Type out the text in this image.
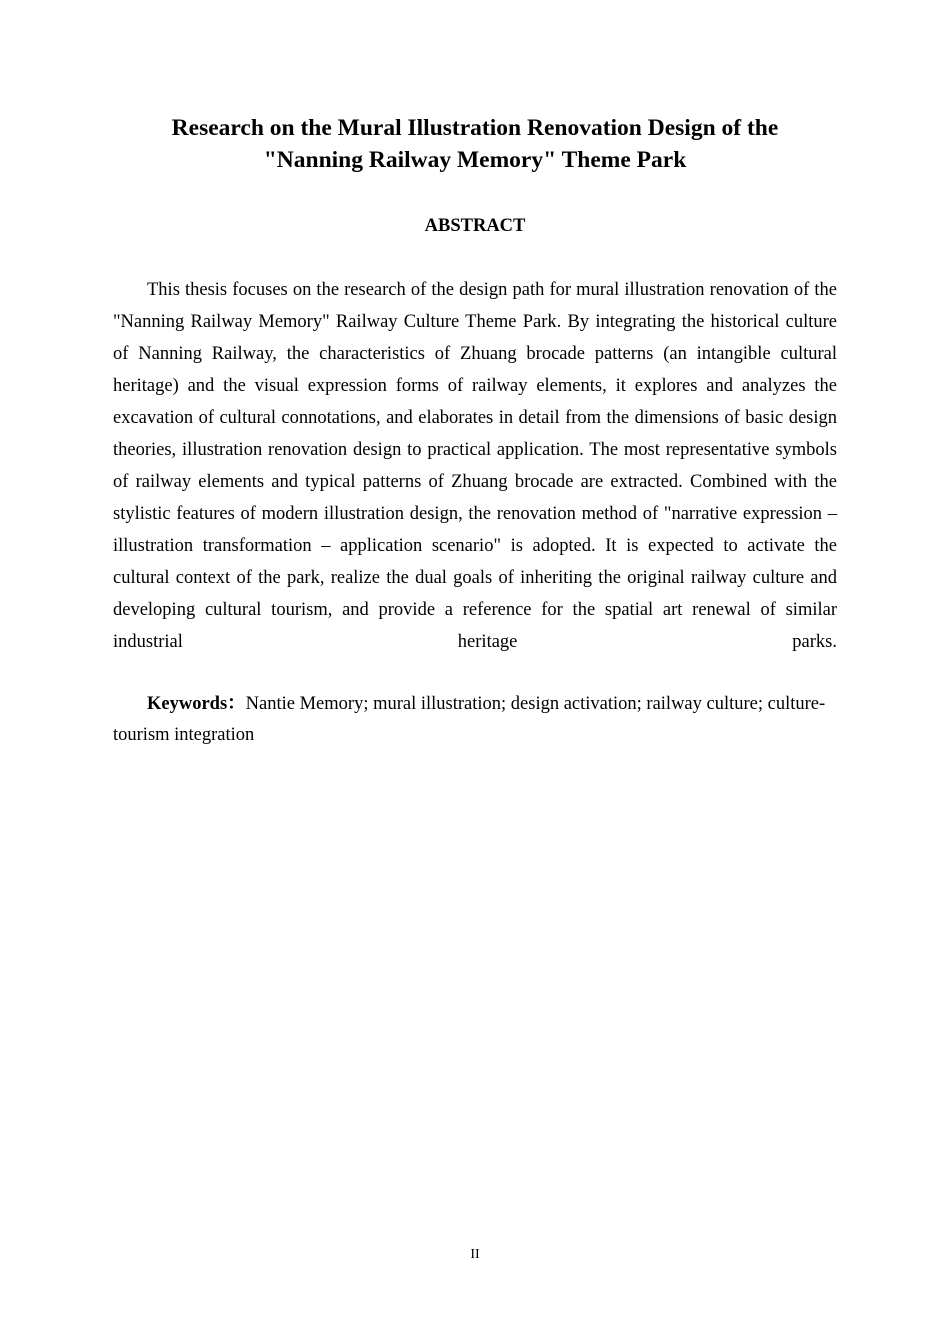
Research on the Mural Illustration Renovation Design of the
"Nanning Railway Memory" Theme Park
ABSTRACT

This thesis focuses on the research of the design path for mural illustration renovation of the "Nanning Railway Memory" Railway Culture Theme Park. By integrating the historical culture of Nanning Railway, the characteristics of Zhuang brocade patterns (an intangible cultural heritage) and the visual expression forms of railway elements, it explores and analyzes the excavation of cultural connotations, and elaborates in detail from the dimensions of basic design theories, illustration renovation design to practical application. The most representative symbols of railway elements and typical patterns of Zhuang brocade are extracted. Combined with the stylistic features of modern illustration design, the renovation method of "narrative expression – illustration transformation – application scenario" is adopted. It is expected to activate the cultural context of the park, realize the dual goals of inheriting the original railway culture and developing cultural tourism, and provide a reference for the spatial art renewal of similar industrial heritage parks.

Keywords：Nantie Memory; mural illustration; design activation; railway culture; culture-tourism integration

II
